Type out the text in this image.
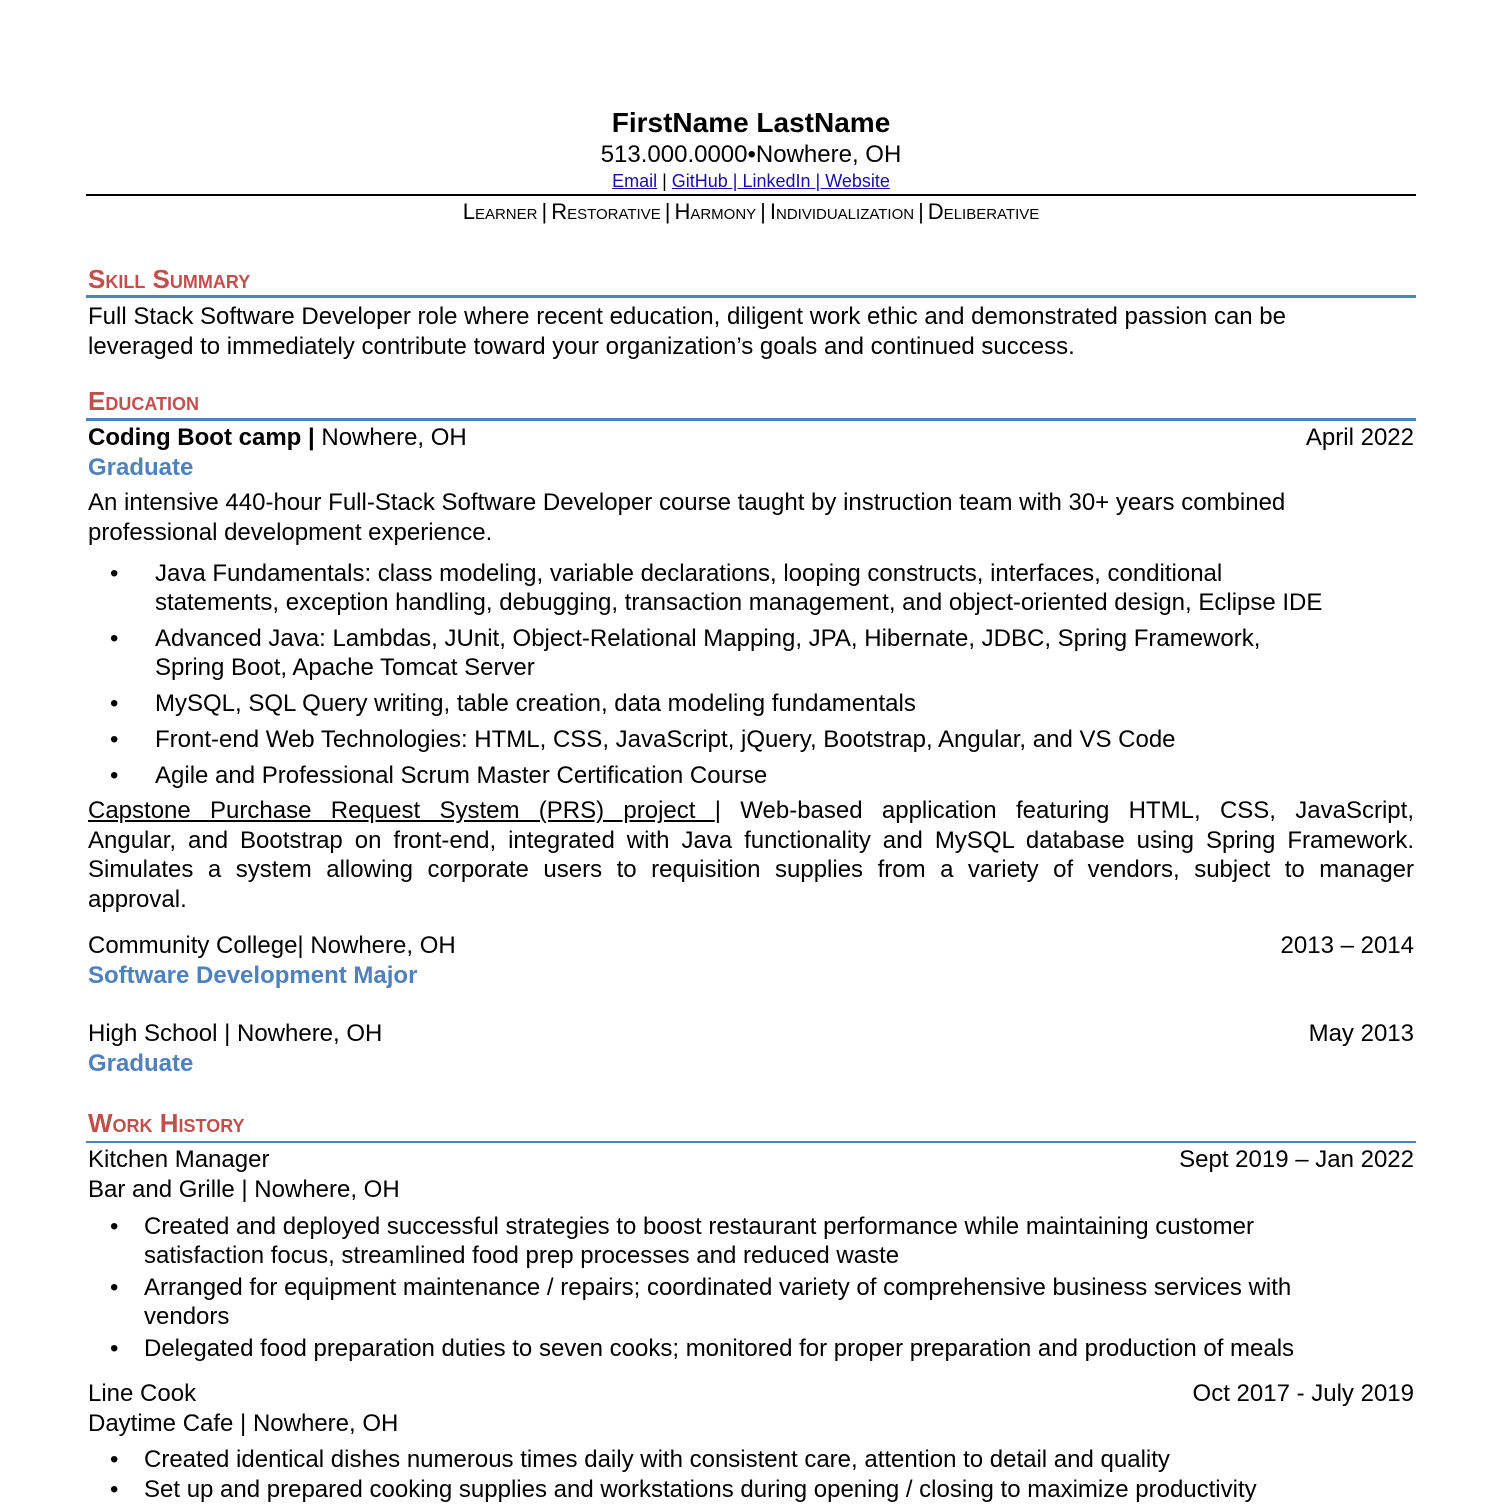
FirstName LastName
513.000.0000•Nowhere, OH
Email | GitHub | LinkedIn | Website
Learner | Restorative | Harmony | Individualization | Deliberative
Skill Summary
Full Stack Software Developer role where recent education, diligent work ethic and demonstrated passion can be
leveraged to immediately contribute toward your organization’s goals and continued success.
Education
Coding Boot camp | Nowhere, OH	April 2022
Graduate
An intensive 440-hour Full-Stack Software Developer course taught by instruction team with 30+ years combined
professional development experience.
• Java Fundamentals: class modeling, variable declarations, looping constructs, interfaces, conditional
statements, exception handling, debugging, transaction management, and object-oriented design, Eclipse IDE
• Advanced Java: Lambdas, JUnit, Object-Relational Mapping, JPA, Hibernate, JDBC, Spring Framework,
Spring Boot, Apache Tomcat Server
• MySQL, SQL Query writing, table creation, data modeling fundamentals
• Front-end Web Technologies: HTML, CSS, JavaScript, jQuery, Bootstrap, Angular, and VS Code
• Agile and Professional Scrum Master Certification Course
Capstone Purchase Request System (PRS) project | Web-based application featuring HTML, CSS, JavaScript,
Angular, and Bootstrap on front-end, integrated with Java functionality and MySQL database using Spring Framework.
Simulates a system allowing corporate users to requisition supplies from a variety of vendors, subject to manager
approval.
Community College| Nowhere, OH	2013 – 2014
Software Development Major
High School | Nowhere, OH	May 2013
Graduate
Work History
Kitchen Manager	Sept 2019 – Jan 2022
Bar and Grille | Nowhere, OH
• Created and deployed successful strategies to boost restaurant performance while maintaining customer
satisfaction focus, streamlined food prep processes and reduced waste
• Arranged for equipment maintenance / repairs; coordinated variety of comprehensive business services with
vendors
• Delegated food preparation duties to seven cooks; monitored for proper preparation and production of meals
Line Cook	Oct 2017 - July 2019
Daytime Cafe | Nowhere, OH
• Created identical dishes numerous times daily with consistent care, attention to detail and quality
• Set up and prepared cooking supplies and workstations during opening / closing to maximize productivity
